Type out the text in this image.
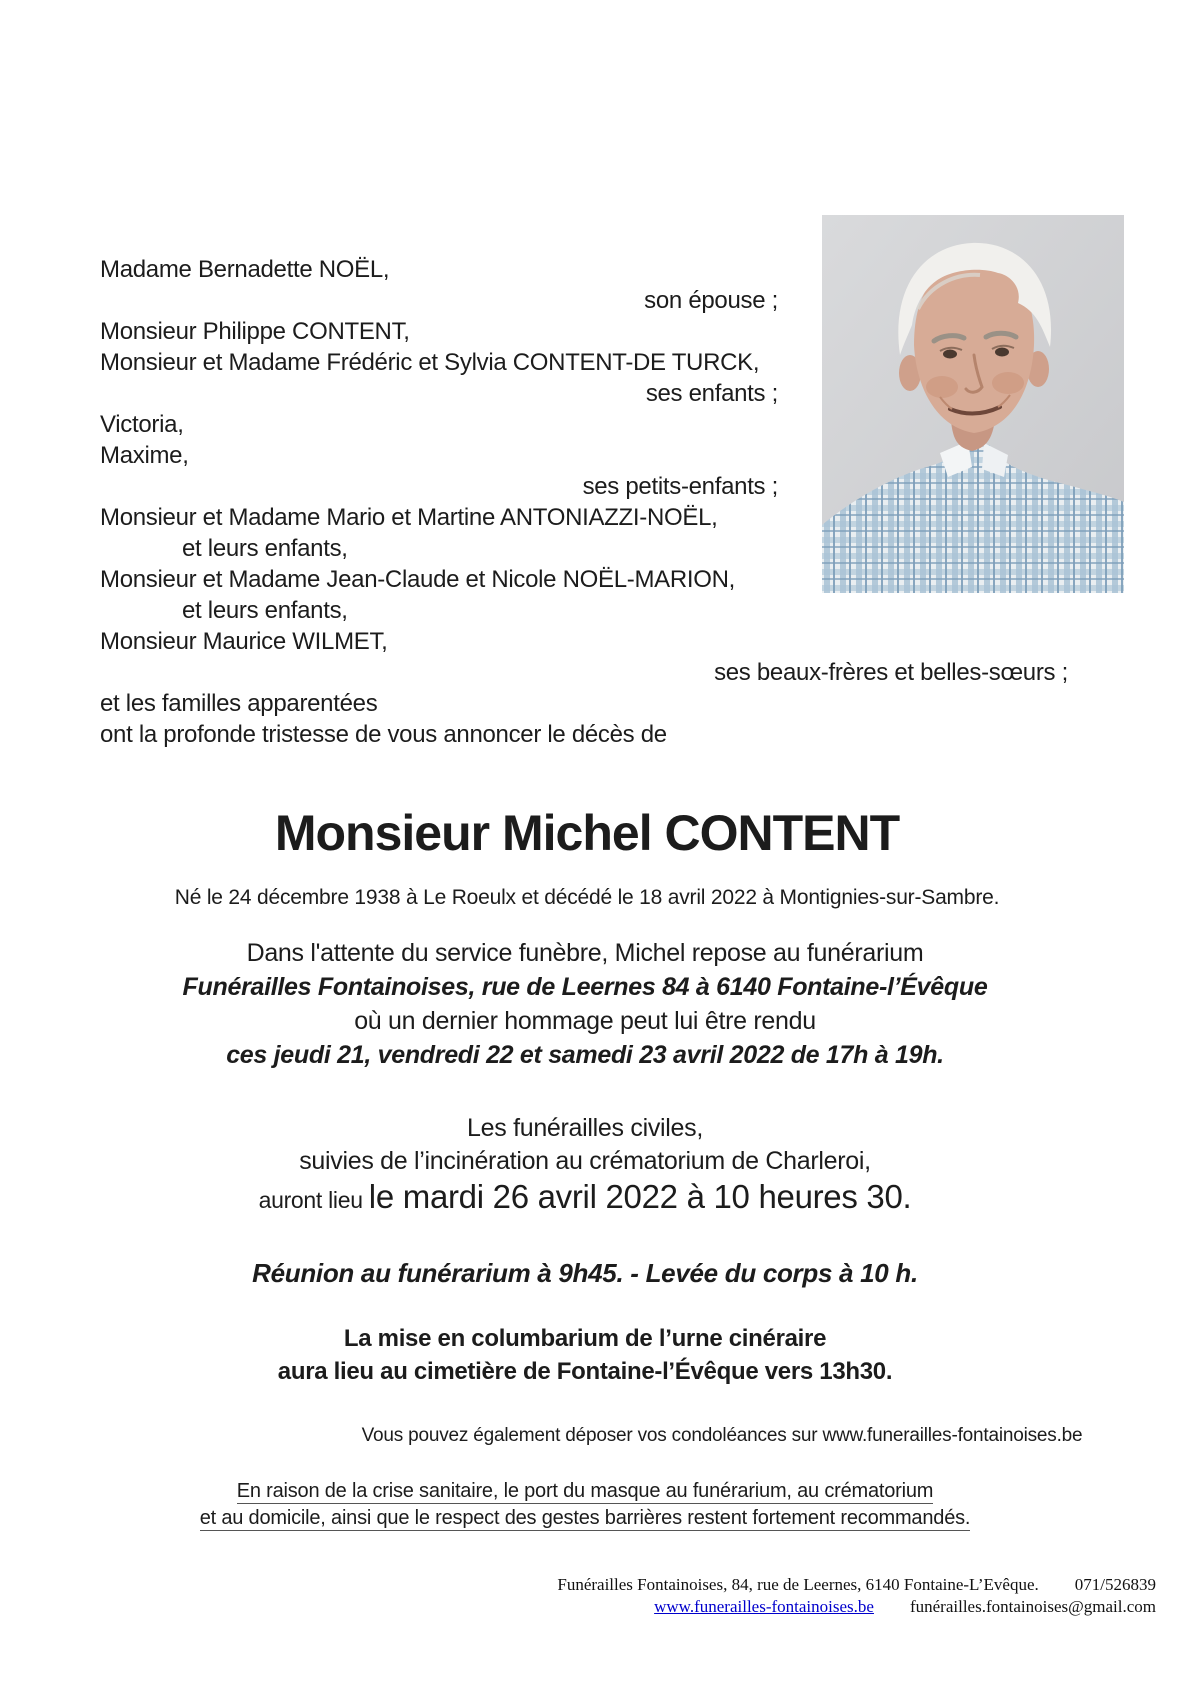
Madame Bernadette NOËL,
son épouse ;
Monsieur Philippe CONTENT,
Monsieur et Madame Frédéric et Sylvia CONTENT-DE TURCK,
ses enfants ;
Victoria,
Maxime,
ses petits-enfants ;
Monsieur et Madame Mario et Martine ANTONIAZZI-NOËL,
et leurs enfants,
Monsieur et Madame Jean-Claude et Nicole NOËL-MARION,
et leurs enfants,
Monsieur Maurice WILMET,
ses beaux-frères et belles-sœurs ;
et les familles apparentées
ont la profonde tristesse de vous annoncer le décès de
Monsieur Michel CONTENT
Né le 24 décembre 1938 à Le Roeulx et décédé le 18 avril 2022 à Montignies-sur-Sambre.
Dans l'attente du service funèbre, Michel repose au funérarium
Funérailles Fontainoises, rue de Leernes 84 à 6140 Fontaine-l’Évêque
où un dernier hommage peut lui être rendu
ces jeudi 21, vendredi 22 et samedi 23 avril 2022 de 17h à 19h.
Les funérailles civiles,
suivies de l’incinération au crématorium de Charleroi,
auront lieu le mardi 26 avril 2022 à 10 heures 30.
Réunion au funérarium à 9h45. - Levée du corps à 10 h.
La mise en columbarium de l’urne cinéraire
aura lieu au cimetière de Fontaine-l’Évêque vers 13h30.
Vous pouvez également déposer vos condoléances sur www.funerailles-fontainoises.be
En raison de la crise sanitaire, le port du masque au funérarium, au crématorium
et au domicile, ainsi que le respect des gestes barrières restent fortement recommandés.
Funérailles Fontainoises, 84, rue de Leernes, 6140 Fontaine-L’Evêque. 071/526839
www.funerailles-fontainoises.be funérailles.fontainoises@gmail.com
